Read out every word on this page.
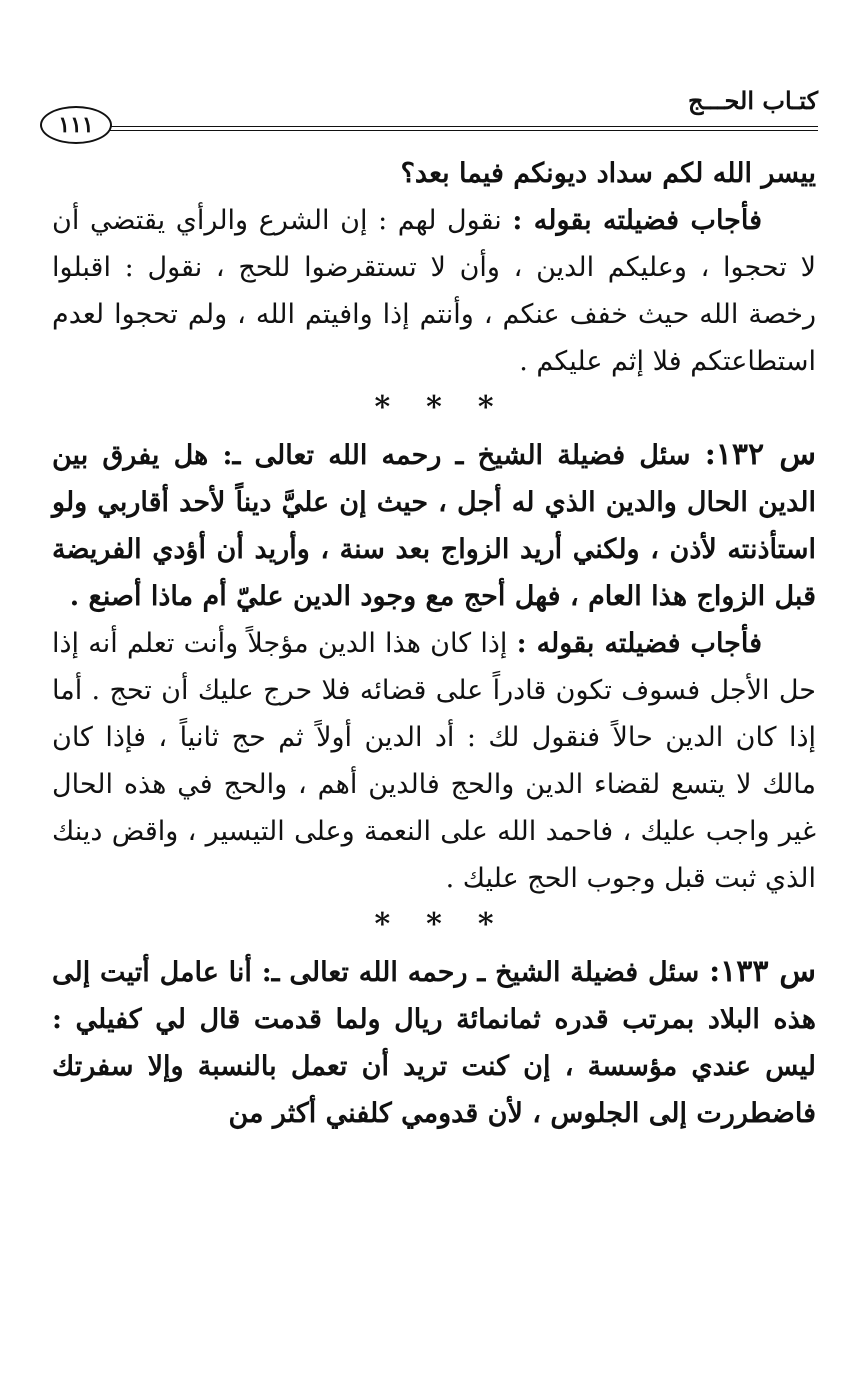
كتـاب الحـــج
١١١
ييسر الله لكم سداد ديونكم فيما بعد؟
فأجاب فضيلته بقوله : نقول لهم : إن الشرع والرأي يقتضي أن لا تحجوا ، وعليكم الدين ، وأن لا تستقرضوا للحج ، نقول : اقبلوا رخصة الله حيث خفف عنكم ، وأنتم إذا وافيتم الله ، ولم تحجوا لعدم استطاعتكم فلا إثم عليكم .
***
س ١٣٢: سئل فضيلة الشيخ ـ رحمه الله تعالى ـ: هل يفرق بين الدين الحال والدين الذي له أجل ، حيث إن عليَّ ديناً لأحد أقاربي ولو استأذنته لأذن ، ولكني أريد الزواج بعد سنة ، وأريد أن أؤدي الفريضة قبل الزواج هذا العام ، فهل أحج مع وجود الدين عليّ أم ماذا أصنع .
فأجاب فضيلته بقوله : إذا كان هذا الدين مؤجلاً وأنت تعلم أنه إذا حل الأجل فسوف تكون قادراً على قضائه فلا حرج عليك أن تحج . أما إذا كان الدين حالاً فنقول لك : أد الدين أولاً ثم حج ثانياً ، فإذا كان مالك لا يتسع لقضاء الدين والحج فالدين أهم ، والحج في هذه الحال غير واجب عليك ، فاحمد الله على النعمة وعلى التيسير ، واقض دينك الذي ثبت قبل وجوب الحج عليك .
***
س ١٣٣: سئل فضيلة الشيخ ـ رحمه الله تعالى ـ: أنا عامل أتيت إلى هذه البلاد بمرتب قدره ثمانمائة ريال ولما قدمت قال لي كفيلي : ليس عندي مؤسسة ، إن كنت تريد أن تعمل بالنسبة وإلا سفرتك فاضطررت إلى الجلوس ، لأن قدومي كلفني أكثر من
